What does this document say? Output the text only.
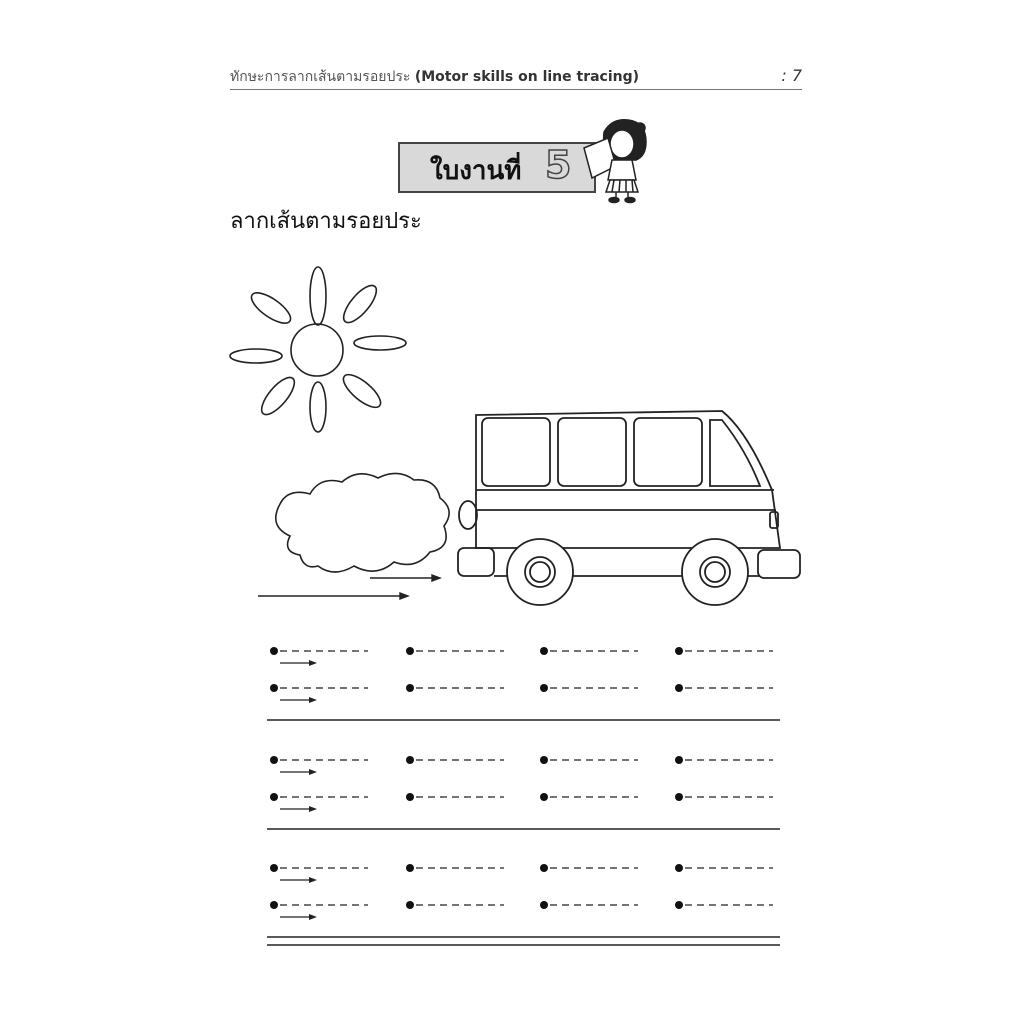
ทักษะการลากเส้นตามรอยประ (Motor skills on line tracing)	: 7
ใบงานที่ 5
ลากเส้นตามรอยประ
